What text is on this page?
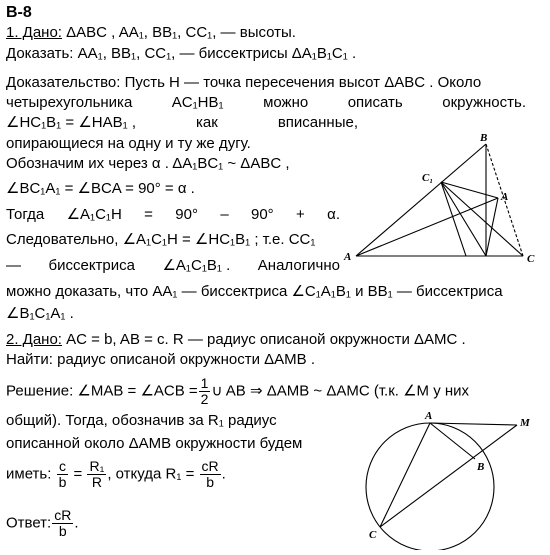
B-8
1. Дано: ΔABC , AA₁, BB₁, CC₁, — высоты.
Доказать: AA₁, BB₁, CC₁, — биссектрисы ΔA₁B₁C₁ .
Доказательство: Пусть H — точка пересечения высот ΔABC . Около
четырехугольника	AC₁HB₁	можно	описать	окружность.
∠HC₁B₁ = ∠HAB₁ ,	как	вписанные,
опирающиеся на одну и ту же дугу.
Обозначим их через α . ΔA₁BC₁ ~ ΔABC ,
∠BC₁A₁ = ∠BCA = 90° = α .
Тогда ∠A₁C₁H = 90° – 90° + α.
Следовательно, ∠A₁C₁H = ∠HC₁B₁ ; т.е. CC₁
— биссектриса ∠A₁C₁B₁ . Аналогично
можно доказать, что AA₁ — биссектриса ∠C₁A₁B₁ и BB₁ — биссектриса
∠B₁C₁A₁ .
A
B
C
C₁
A
2. Дано: AC = b, AB = c. R — радиус описаной окружности ΔAMC .
Найти: радиус описаной окружности ΔAMB .
Решение: ∠MAB = ∠ACB = $\frac{1}{2}$ ∪ AB ⇒ ΔAMB ~ ΔAMC (т.к. ∠M у них
общий). Тогда, обозначив за R₁ радиус
описанной около ΔAMB окружности будем
иметь: $\frac{c}{b} = \frac{\text{R₁}}{R}$ , откуда $R_1 = \frac{cR}{b}$ .
Ответ: $\frac{cR}{b}$ .
A
M
B
C
